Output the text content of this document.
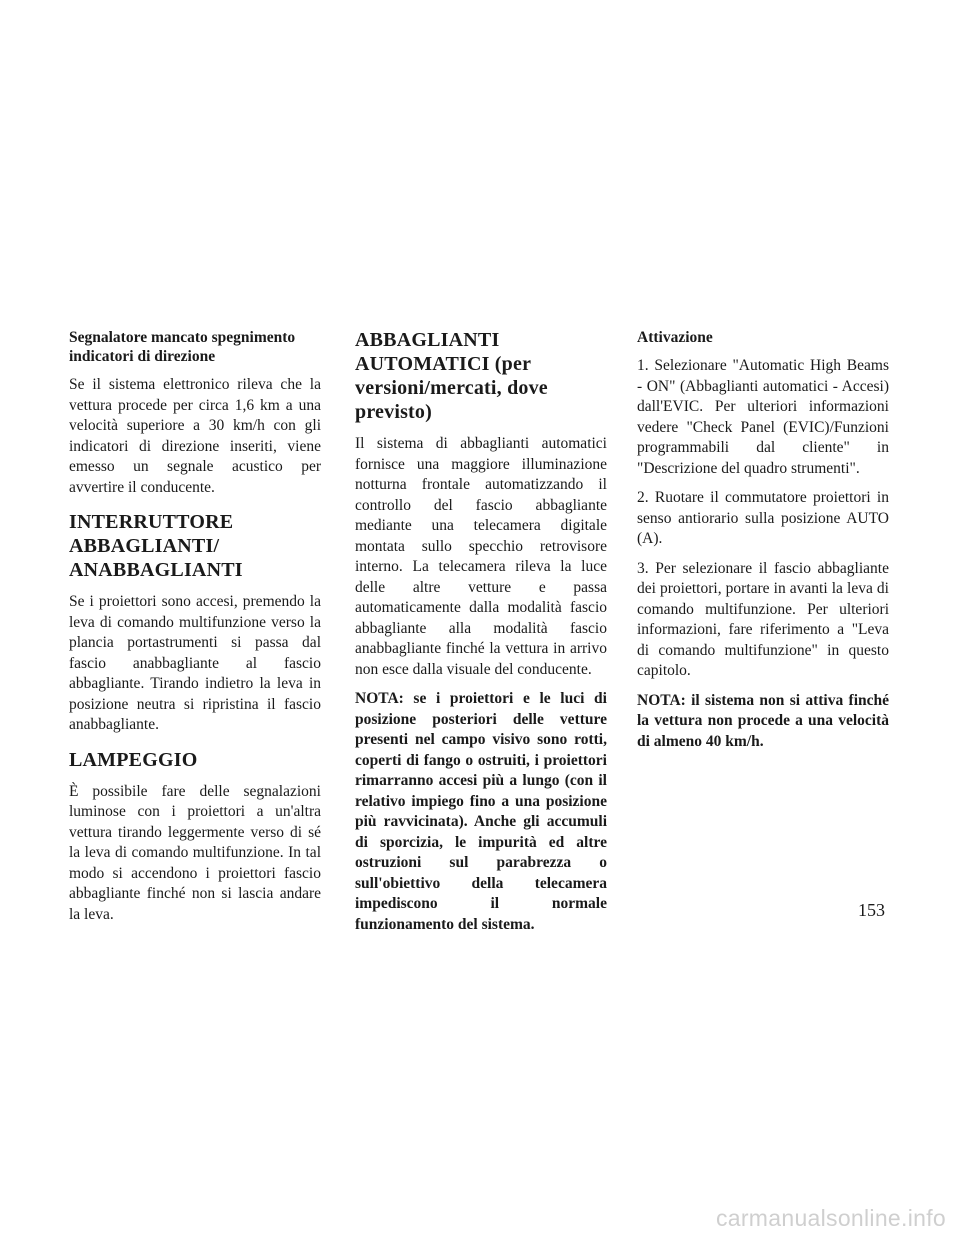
Segnalatore mancato spegnimento indicatori di direzione
Se il sistema elettronico rileva che la vettura procede per circa 1,6 km a una velocità superiore a 30 km/h con gli indicatori di direzione inseriti, viene emesso un segnale acustico per avvertire il conducente.
INTERRUTTORE ABBAGLIANTI/ ANABBAGLIANTI
Se i proiettori sono accesi, premendo la leva di comando multifunzione verso la plancia portastrumenti si passa dal fascio anabbagliante al fascio abbagliante. Tirando indietro la leva in posizione neutra si ripristina il fascio anabbagliante.
LAMPEGGIO
È possibile fare delle segnalazioni luminose con i proiettori a un'altra vettura tirando leggermente verso di sé la leva di comando multifunzione. In tal modo si accendono i proiettori fascio abbagliante finché non si lascia andare la leva.
ABBAGLIANTI AUTOMATICI (per versioni/mercati, dove previsto)
Il sistema di abbaglianti automatici fornisce una maggiore illuminazione notturna frontale automatizzando il controllo del fascio abbagliante mediante una telecamera digitale montata sullo specchio retrovisore interno. La telecamera rileva la luce delle altre vetture e passa automaticamente dalla modalità fascio abbagliante alla modalità fascio anabbagliante finché la vettura in arrivo non esce dalla visuale del conducente.
NOTA: se i proiettori e le luci di posizione posteriori delle vetture presenti nel campo visivo sono rotti, coperti di fango o ostruiti, i proiettori rimarranno accesi più a lungo (con il relativo impiego fino a una posizione più ravvicinata). Anche gli accumuli di sporcizia, le impurità ed altre ostruzioni sul parabrezza o sull'obiettivo della telecamera impediscono il normale funzionamento del sistema.
Attivazione
1. Selezionare "Automatic High Beams - ON" (Abbaglianti automatici - Accesi) dall'EVIC. Per ulteriori informazioni vedere "Check Panel (EVIC)/Funzioni programmabili dal cliente" in "Descrizione del quadro strumenti".
2. Ruotare il commutatore proiettori in senso antiorario sulla posizione AUTO (A).
3. Per selezionare il fascio abbagliante dei proiettori, portare in avanti la leva di comando multifunzione. Per ulteriori informazioni, fare riferimento a "Leva di comando multifunzione" in questo capitolo.
NOTA: il sistema non si attiva finché la vettura non procede a una velocità di almeno 40 km/h.
153
carmanualsonline.info
